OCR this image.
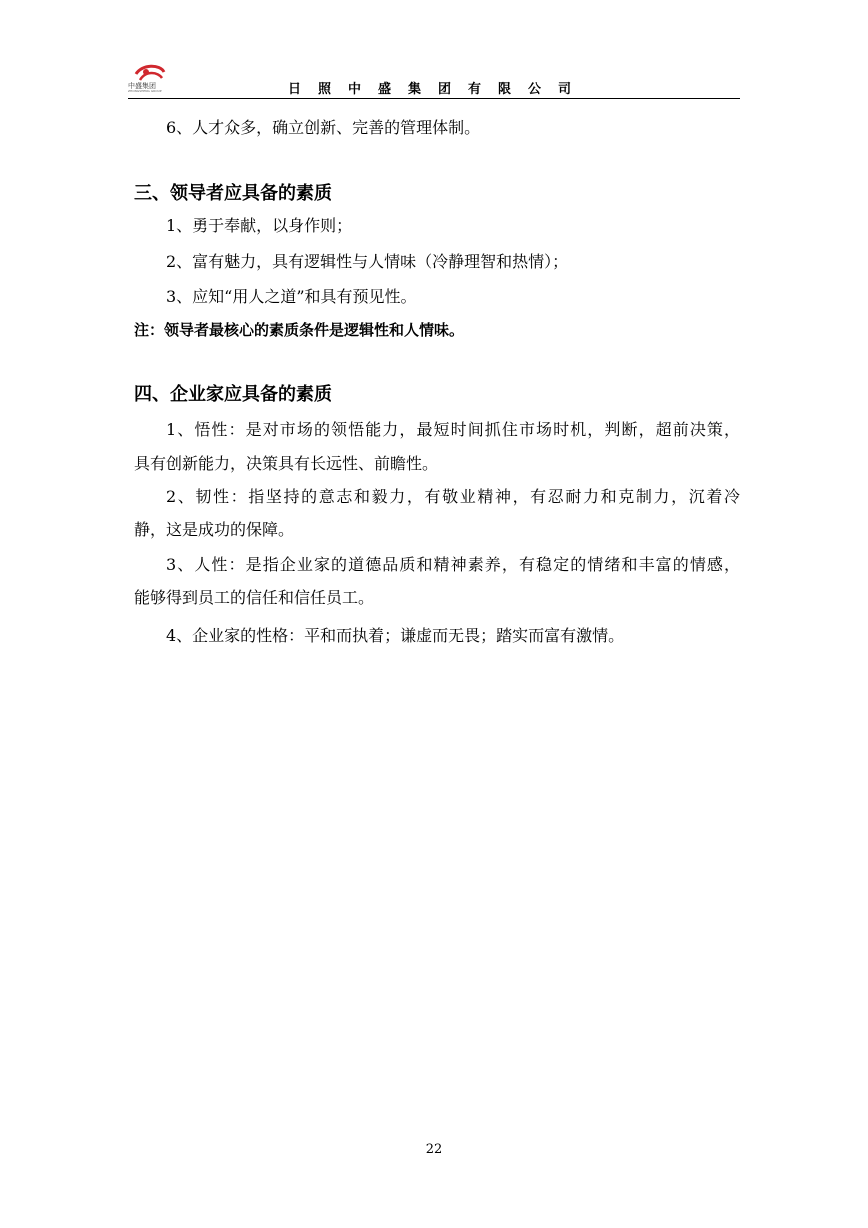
中盛集团
ZHONGSHENG GROUP	日照中盛集团有限公司
6、人才众多，确立创新、完善的管理体制。
三、领导者应具备的素质
1、勇于奉献，以身作则；
2、富有魅力，具有逻辑性与人情味（冷静理智和热情）；
3、应知“用人之道”和具有预见性。
注：领导者最核心的素质条件是逻辑性和人情味。
四、企业家应具备的素质
1、悟性：是对市场的领悟能力，最短时间抓住市场时机，判断，超前决策，
具有创新能力，决策具有长远性、前瞻性。
2、韧性：指坚持的意志和毅力，有敬业精神，有忍耐力和克制力，沉着冷
静，这是成功的保障。
3、人性：是指企业家的道德品质和精神素养，有稳定的情绪和丰富的情感，
能够得到员工的信任和信任员工。
4、企业家的性格：平和而执着；谦虚而无畏；踏实而富有激情。
22
